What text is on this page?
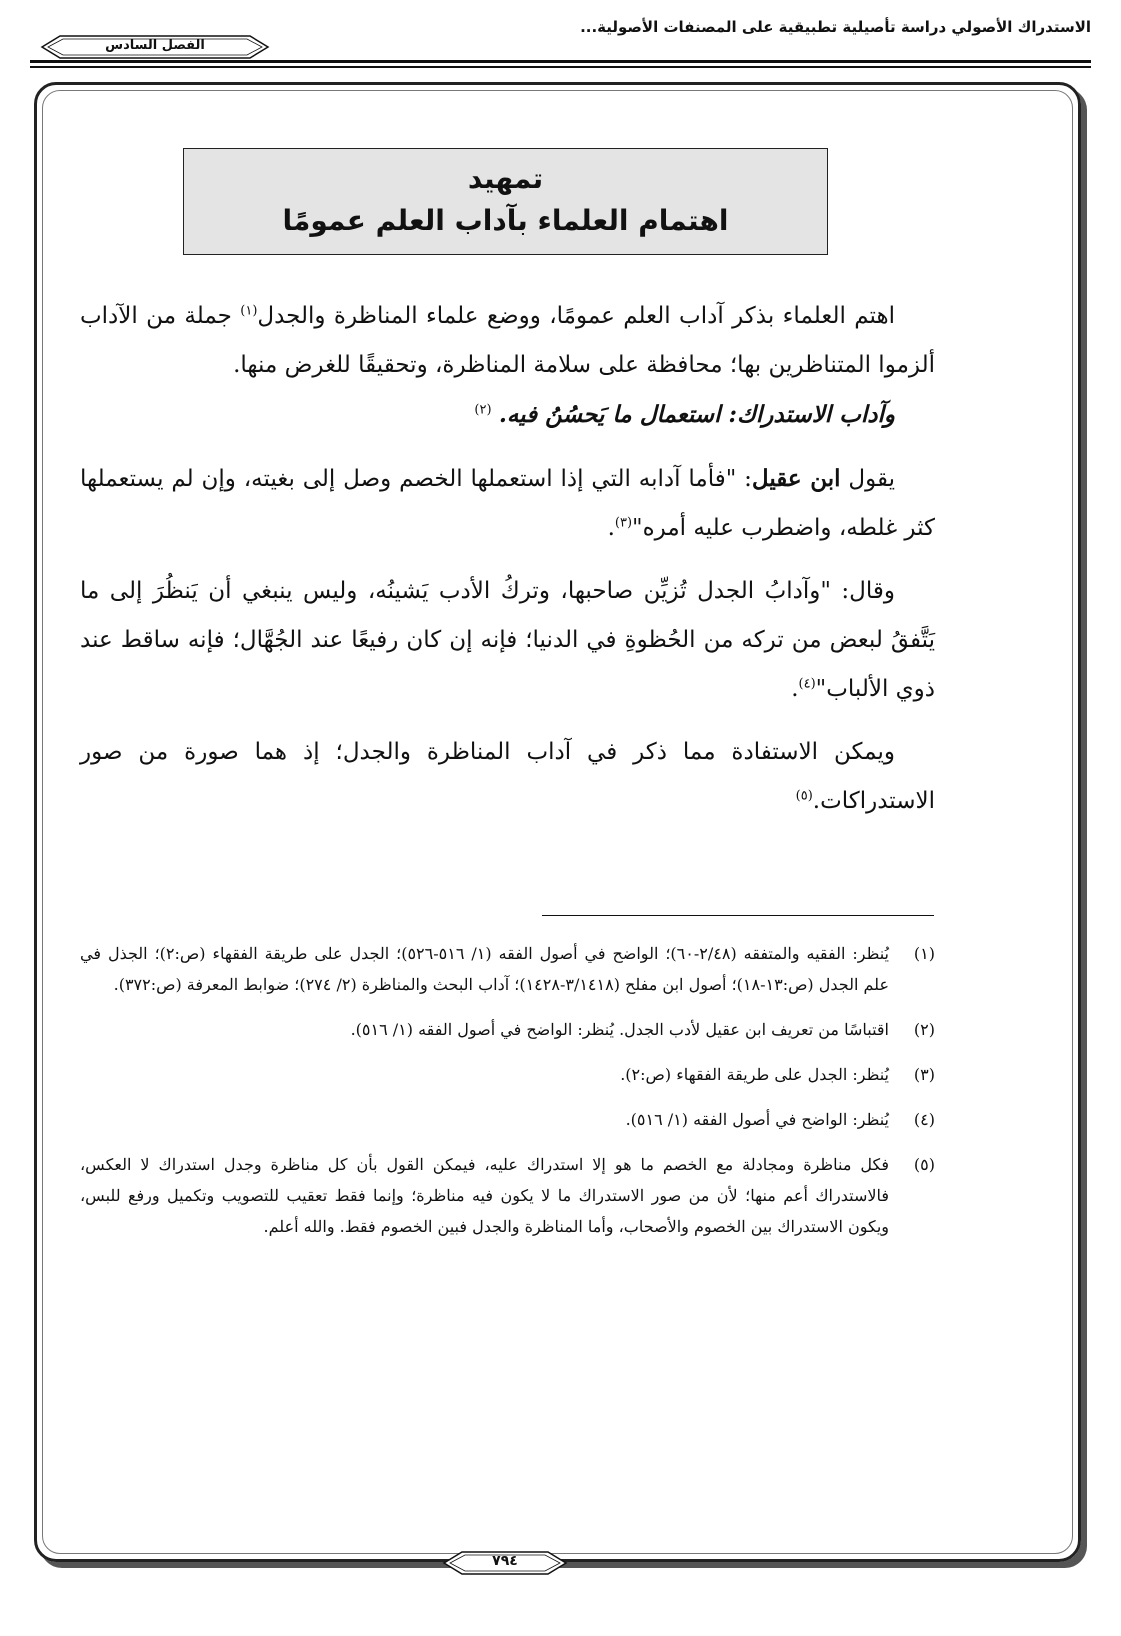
الاستدراك الأصولي دراسة تأصيلية تطبيقية على المصنفات الأصولية...
الفصل السادس
تمهيد
اهتمام العلماء بآداب العلم عمومًا

اهتم العلماء بذكر آداب العلم عمومًا، ووضع علماء المناظرة والجدل$^{(١)}$ جملة من الآداب ألزموا المتناظرين بها؛ محافظة على سلامة المناظرة، وتحقيقًا للغرض منها.

وآداب الاستدراك: استعمال ما يَحسُنُ فيه. $^{(٢)}$

يقول ابن عقيل: "فأما آدابه التي إذا استعملها الخصم وصل إلى بغيته، وإن لم يستعملها كثر غلطه، واضطرب عليه أمره"$^{(٣)}$.

وقال: "وآدابُ الجدل تُزيِّن صاحبها، وتركُ الأدب يَشينُه، وليس ينبغي أن يَنظُرَ إلى ما يَتَّفقُ لبعض من تركه من الحُظوةِ في الدنيا؛ فإنه إن كان رفيعًا عند الجُهَّال؛ فإنه ساقط عند ذوي الألباب"$^{(٤)}$.

ويمكن الاستفادة مما ذكر في آداب المناظرة والجدل؛ إذ هما صورة من صور الاستدراكات.$^{(٥)}$

(١)
يُنظر: الفقيه والمتفقه (٢/٤٨-٦٠)؛ الواضح في أصول الفقه (١/ ٥١٦-٥٢٦)؛ الجدل على طريقة الفقهاء (ص:٢)؛ الجذل في علم الجدل (ص:١٣-١٨)؛ أصول ابن مفلح (٣/١٤١٨-١٤٢٨)؛ آداب البحث والمناظرة (٢/ ٢٧٤)؛ ضوابط المعرفة (ص:٣٧٢).
(٢)
اقتباسًا من تعريف ابن عقيل لأدب الجدل. يُنظر: الواضح في أصول الفقه (١/ ٥١٦).
(٣)
يُنظر: الجدل على طريقة الفقهاء (ص:٢).
(٤)
يُنظر: الواضح في أصول الفقه (١/ ٥١٦).
(٥)
فكل مناظرة ومجادلة مع الخصم ما هو إلا استدراك عليه، فيمكن القول بأن كل مناظرة وجدل استدراك لا العكس، فالاستدراك أعم منها؛ لأن من صور الاستدراك ما لا يكون فيه مناظرة؛ وإنما فقط تعقيب للتصويب وتكميل ورفع للبس، ويكون الاستدراك بين الخصوم والأصحاب، وأما المناظرة والجدل فبين الخصوم فقط. والله أعلم.
٧٩٤
